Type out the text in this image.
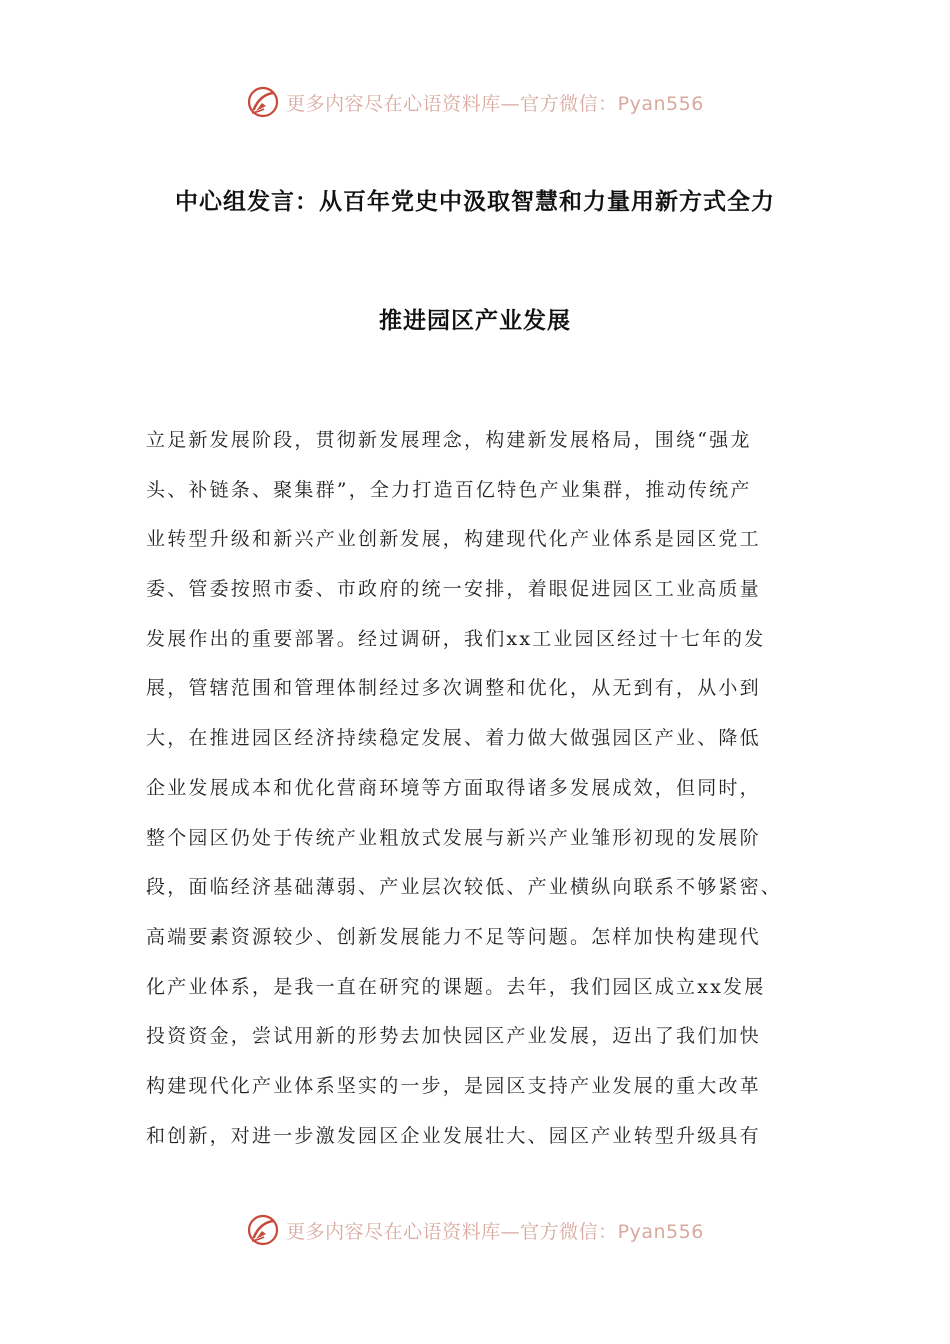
更多内容尽在心语资料库—官方微信：Pyan556
中心组发言：从百年党史中汲取智慧和力量用新方式全力
推进园区产业发展
立足新发展阶段，贯彻新发展理念，构建新发展格局，围绕“强龙
头、补链条、聚集群”，全力打造百亿特色产业集群，推动传统产
业转型升级和新兴产业创新发展，构建现代化产业体系是园区党工
委、管委按照市委、市政府的统一安排，着眼促进园区工业高质量
发展作出的重要部署。经过调研，我们xx工业园区经过十七年的发
展，管辖范围和管理体制经过多次调整和优化，从无到有，从小到
大，在推进园区经济持续稳定发展、着力做大做强园区产业、降低
企业发展成本和优化营商环境等方面取得诸多发展成效，但同时，
整个园区仍处于传统产业粗放式发展与新兴产业雏形初现的发展阶
段，面临经济基础薄弱、产业层次较低、产业横纵向联系不够紧密、
高端要素资源较少、创新发展能力不足等问题。怎样加快构建现代
化产业体系，是我一直在研究的课题。去年，我们园区成立xx发展
投资资金，尝试用新的形势去加快园区产业发展，迈出了我们加快
构建现代化产业体系坚实的一步，是园区支持产业发展的重大改革
和创新，对进一步激发园区企业发展壮大、园区产业转型升级具有
更多内容尽在心语资料库—官方微信：Pyan556
